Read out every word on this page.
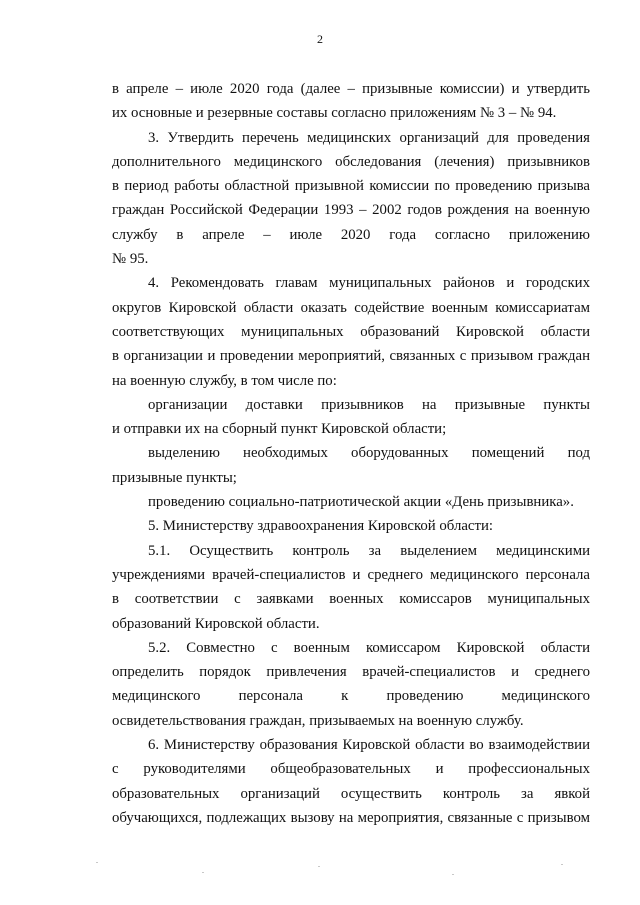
2
в апреле – июле 2020 года (далее – призывные комиссии) и утвердить
их основные и резервные составы согласно приложениям № 3 – № 94.
3. Утвердить перечень медицинских организаций для проведения
дополнительного медицинского обследования (лечения) призывников
в период работы областной призывной комиссии по проведению призыва
граждан Российской Федерации 1993 – 2002 годов рождения на военную
службу в апреле – июле 2020 года согласно приложению
№ 95.
4. Рекомендовать главам муниципальных районов и городских
округов Кировской области оказать содействие военным комиссариатам
соответствующих муниципальных образований Кировской области
в организации и проведении мероприятий, связанных с призывом граждан
на военную службу, в том числе по:
организации доставки призывников на призывные пункты
и отправки их на сборный пункт Кировской области;
выделению необходимых оборудованных помещений под
призывные пункты;
проведению социально-патриотической акции «День призывника».
5. Министерству здравоохранения Кировской области:
5.1. Осуществить контроль за выделением медицинскими
учреждениями врачей-специалистов и среднего медицинского персонала
в соответствии с заявками военных комиссаров муниципальных
образований Кировской области.
5.2. Совместно с военным комиссаром Кировской области
определить порядок привлечения врачей-специалистов и среднего
медицинского персонала к проведению медицинского
освидетельствования граждан, призываемых на военную службу.
6. Министерству образования Кировской области во взаимодействии
с руководителями общеобразовательных и профессиональных
образовательных организаций осуществить контроль за явкой
обучающихся, подлежащих вызову на мероприятия, связанные с призывом
